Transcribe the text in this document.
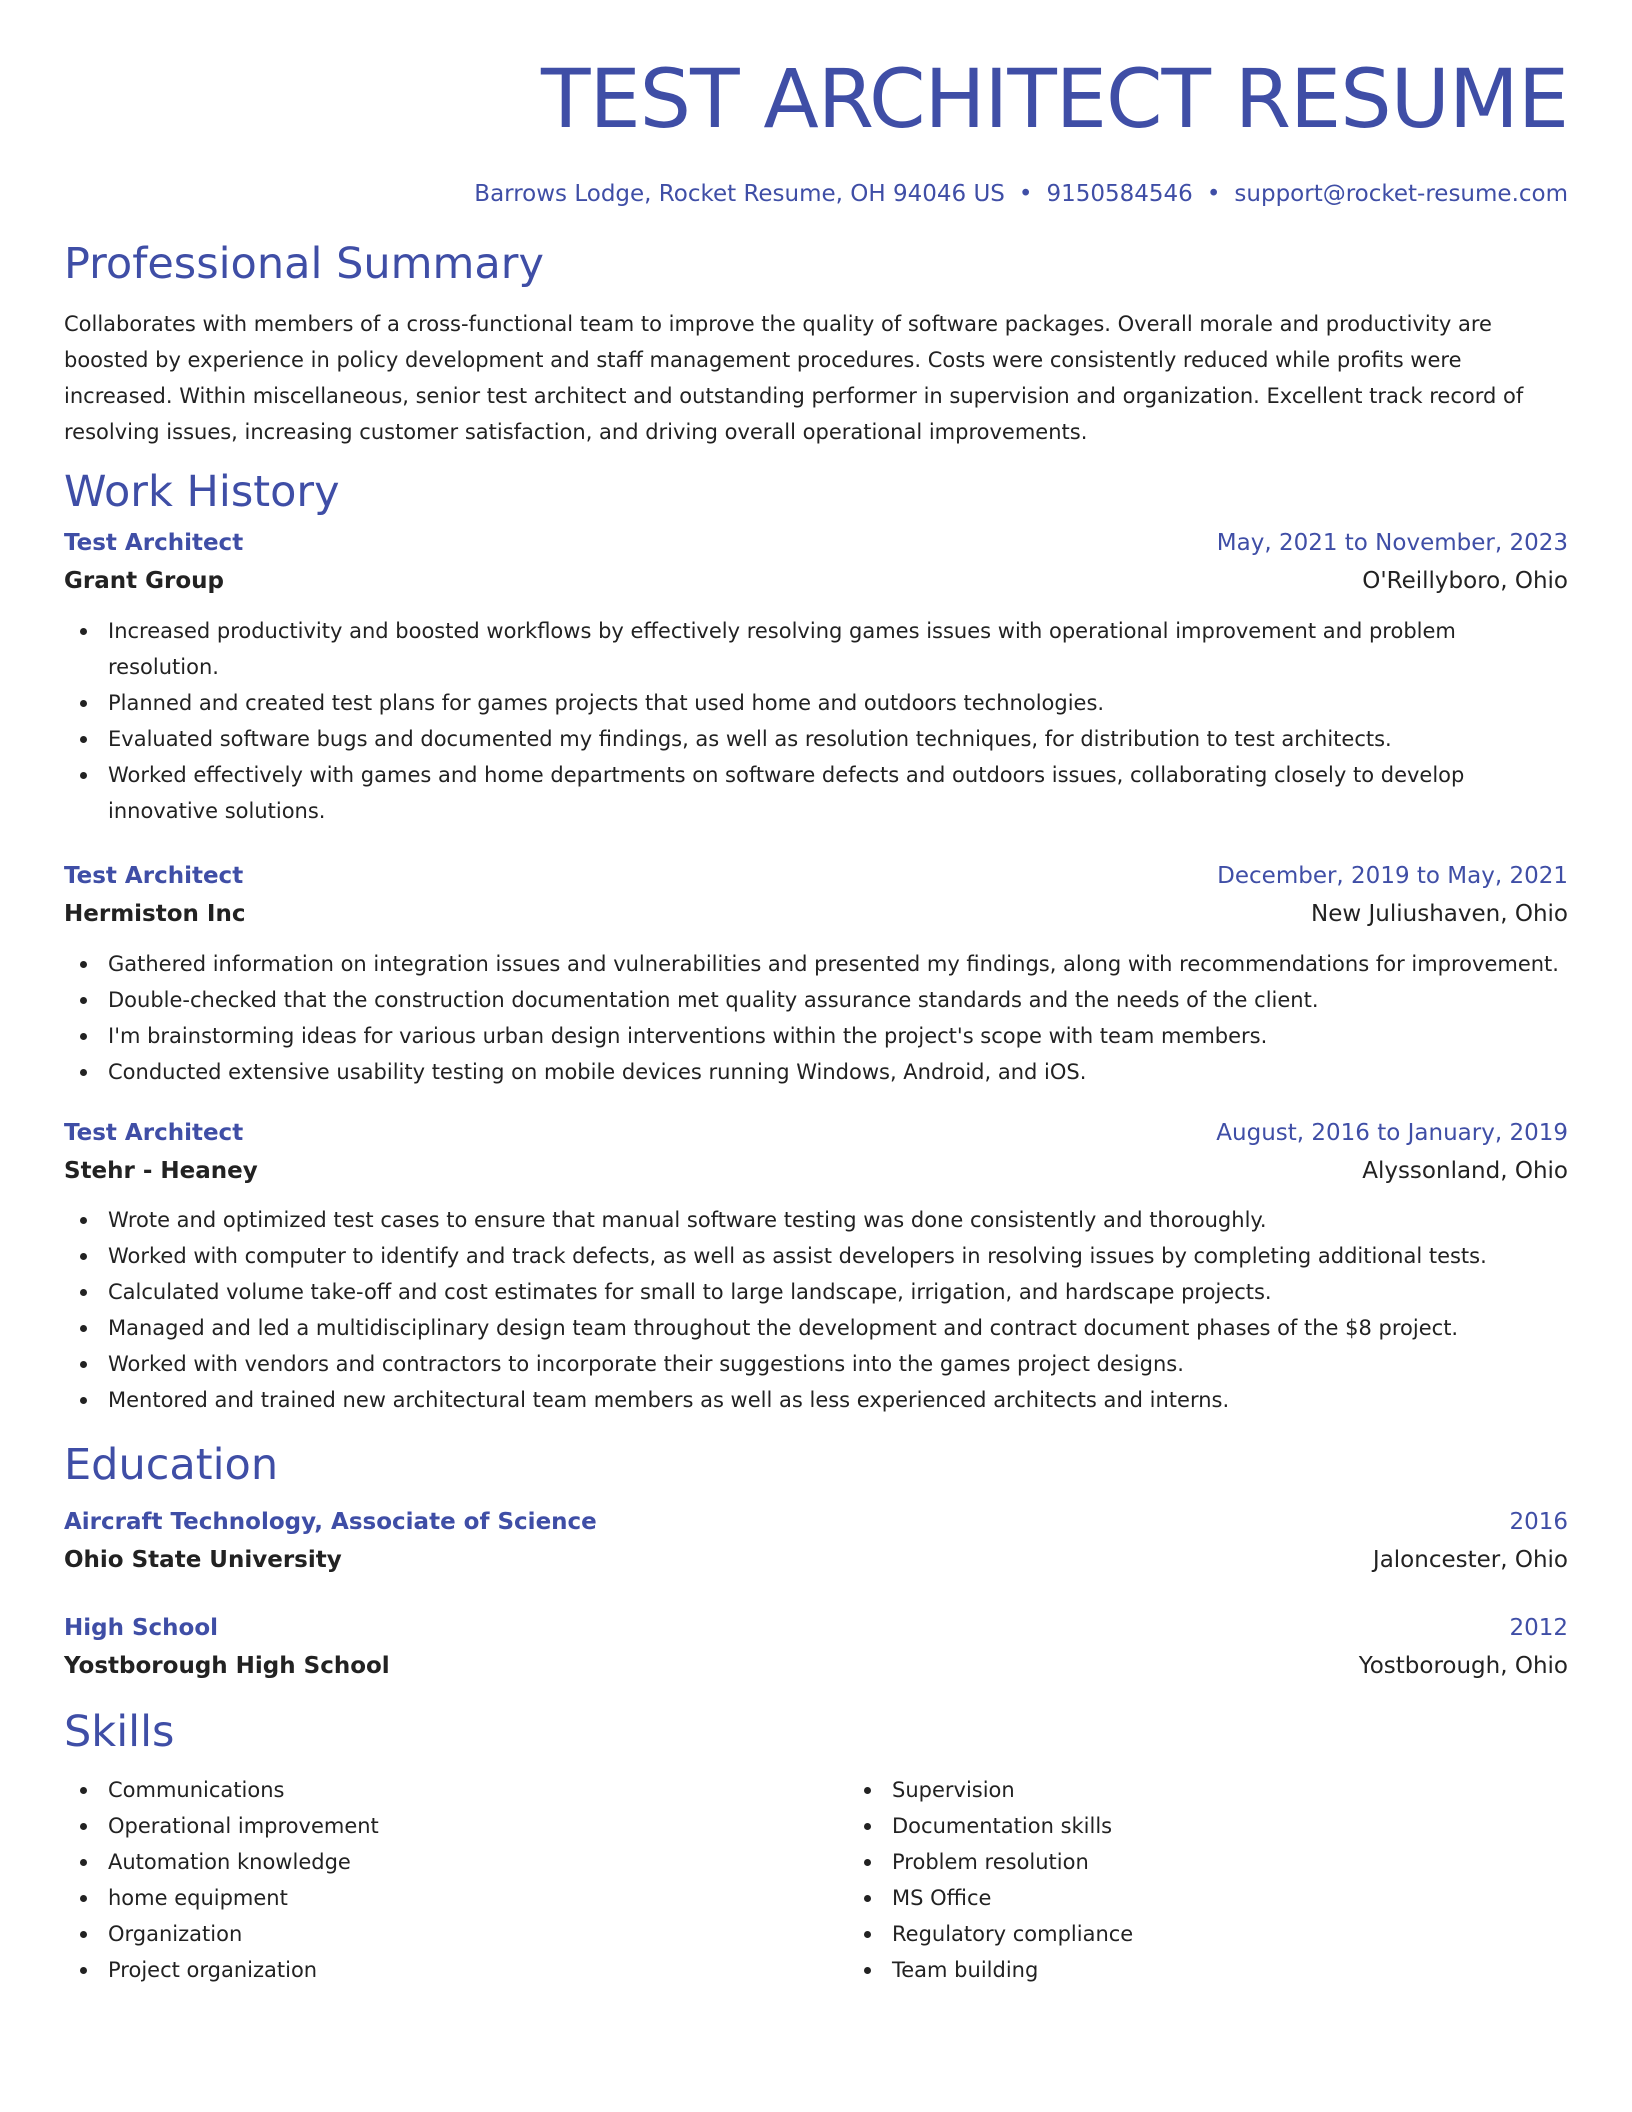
TEST ARCHITECT RESUME
Barrows Lodge, Rocket Resume, OH 94046 US • 9150584546 • support@rocket-resume.com
Professional Summary

Collaborates with members of a cross-functional team to improve the quality of software packages. Overall morale and productivity are boosted by experience in policy development and staff management procedures. Costs were consistently reduced while profits were increased. Within miscellaneous, senior test architect and outstanding performer in supervision and organization. Excellent track record of resolving issues, increasing customer satisfaction, and driving overall operational improvements.

Work History
Test Architect	May, 2021 to November, 2023
Grant Group	O'Reillyboro, Ohio
Increased productivity and boosted workflows by effectively resolving games issues with operational improvement and problem resolution.
Planned and created test plans for games projects that used home and outdoors technologies.
Evaluated software bugs and documented my findings, as well as resolution techniques, for distribution to test architects.
Worked effectively with games and home departments on software defects and outdoors issues, collaborating closely to develop innovative solutions.
Test Architect	December, 2019 to May, 2021
Hermiston Inc	New Juliushaven, Ohio
Gathered information on integration issues and vulnerabilities and presented my findings, along with recommendations for improvement.
Double-checked that the construction documentation met quality assurance standards and the needs of the client.
I'm brainstorming ideas for various urban design interventions within the project's scope with team members.
Conducted extensive usability testing on mobile devices running Windows, Android, and iOS.
Test Architect	August, 2016 to January, 2019
Stehr - Heaney	Alyssonland, Ohio
Wrote and optimized test cases to ensure that manual software testing was done consistently and thoroughly.
Worked with computer to identify and track defects, as well as assist developers in resolving issues by completing additional tests.
Calculated volume take-off and cost estimates for small to large landscape, irrigation, and hardscape projects.
Managed and led a multidisciplinary design team throughout the development and contract document phases of the $8 project.
Worked with vendors and contractors to incorporate their suggestions into the games project designs.
Mentored and trained new architectural team members as well as less experienced architects and interns.
Education
Aircraft Technology, Associate of Science	2016
Ohio State University	Jaloncester, Ohio
High School	2012
Yostborough High School	Yostborough, Ohio
Skills
Communications
Operational improvement
Automation knowledge
home equipment
Organization
Project organization
Supervision
Documentation skills
Problem resolution
MS Office
Regulatory compliance
Team building
